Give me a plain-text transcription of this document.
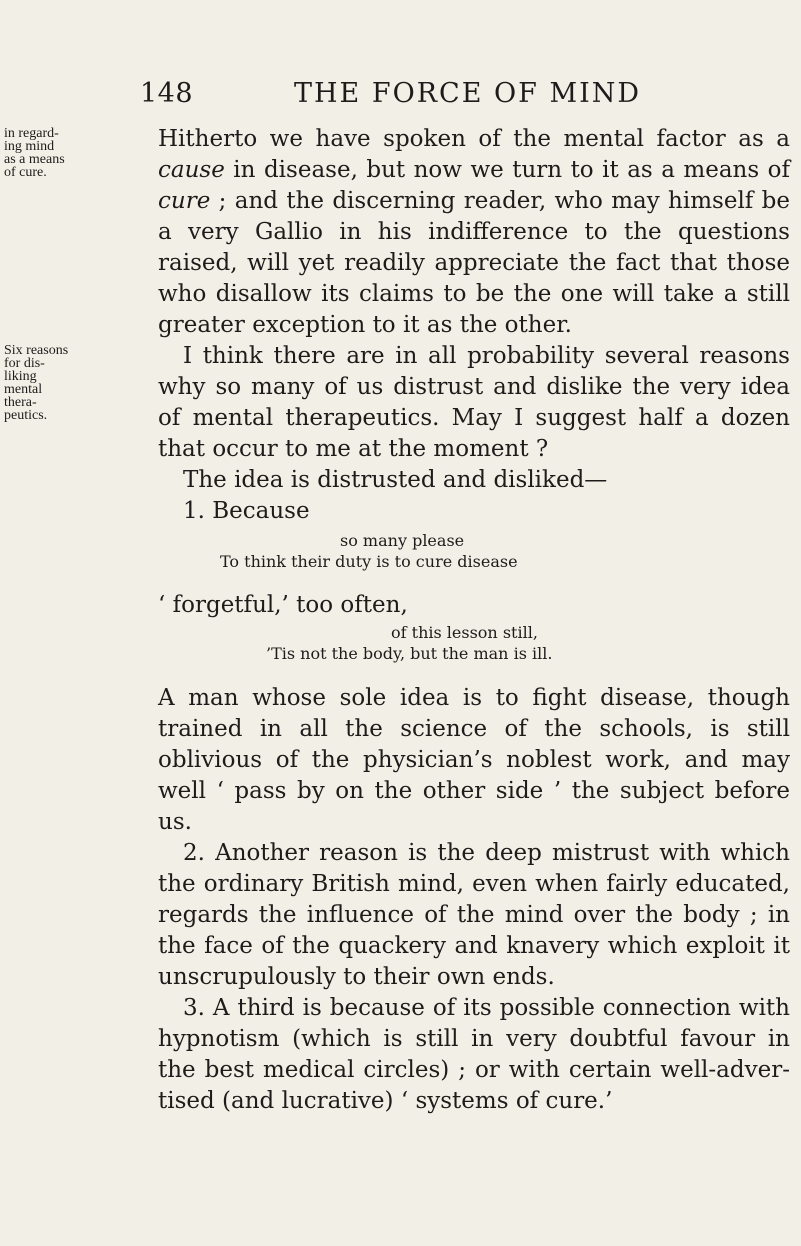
148	THE FORCE OF MIND
in regard-
ing mind
as a means
of cure.
Six reasons
for dis-
liking
mental
thera-
peutics.

Hitherto we have spoken of the mental factor as a cause in disease, but now we turn to it as a means of cure ; and the discerning reader, who may himself be a very Gallio in his indifference to the questions raised, will yet readily appreciate the fact that those who disallow its claims to be the one will take a still greater exception to it as the other.

I think there are in all probability several reasons why so many of us distrust and dislike the very idea of mental therapeutics. May I suggest half a dozen that occur to me at the moment ?

The idea is distrusted and disliked—

1. Because

so many please
To think their duty is to cure disease

‘ forgetful,’ too often,

of this lesson still,
’Tis not the body, but the man is ill.

A man whose sole idea is to fight disease, though trained in all the science of the schools, is still oblivious of the physician’s noblest work, and may well ‘ pass by on the other side ’ the subject before us.

2. Another reason is the deep mistrust with which the ordinary British mind, even when fairly educated, regards the influence of the mind over the body ; in the face of the quackery and knavery which exploit it unscrupulously to their own ends.

3. A third is because of its possible connection with hypnotism (which is still in very doubtful favour in the best medical circles) ; or with certain well-advertised (and lucrative) ‘ systems of cure.’
